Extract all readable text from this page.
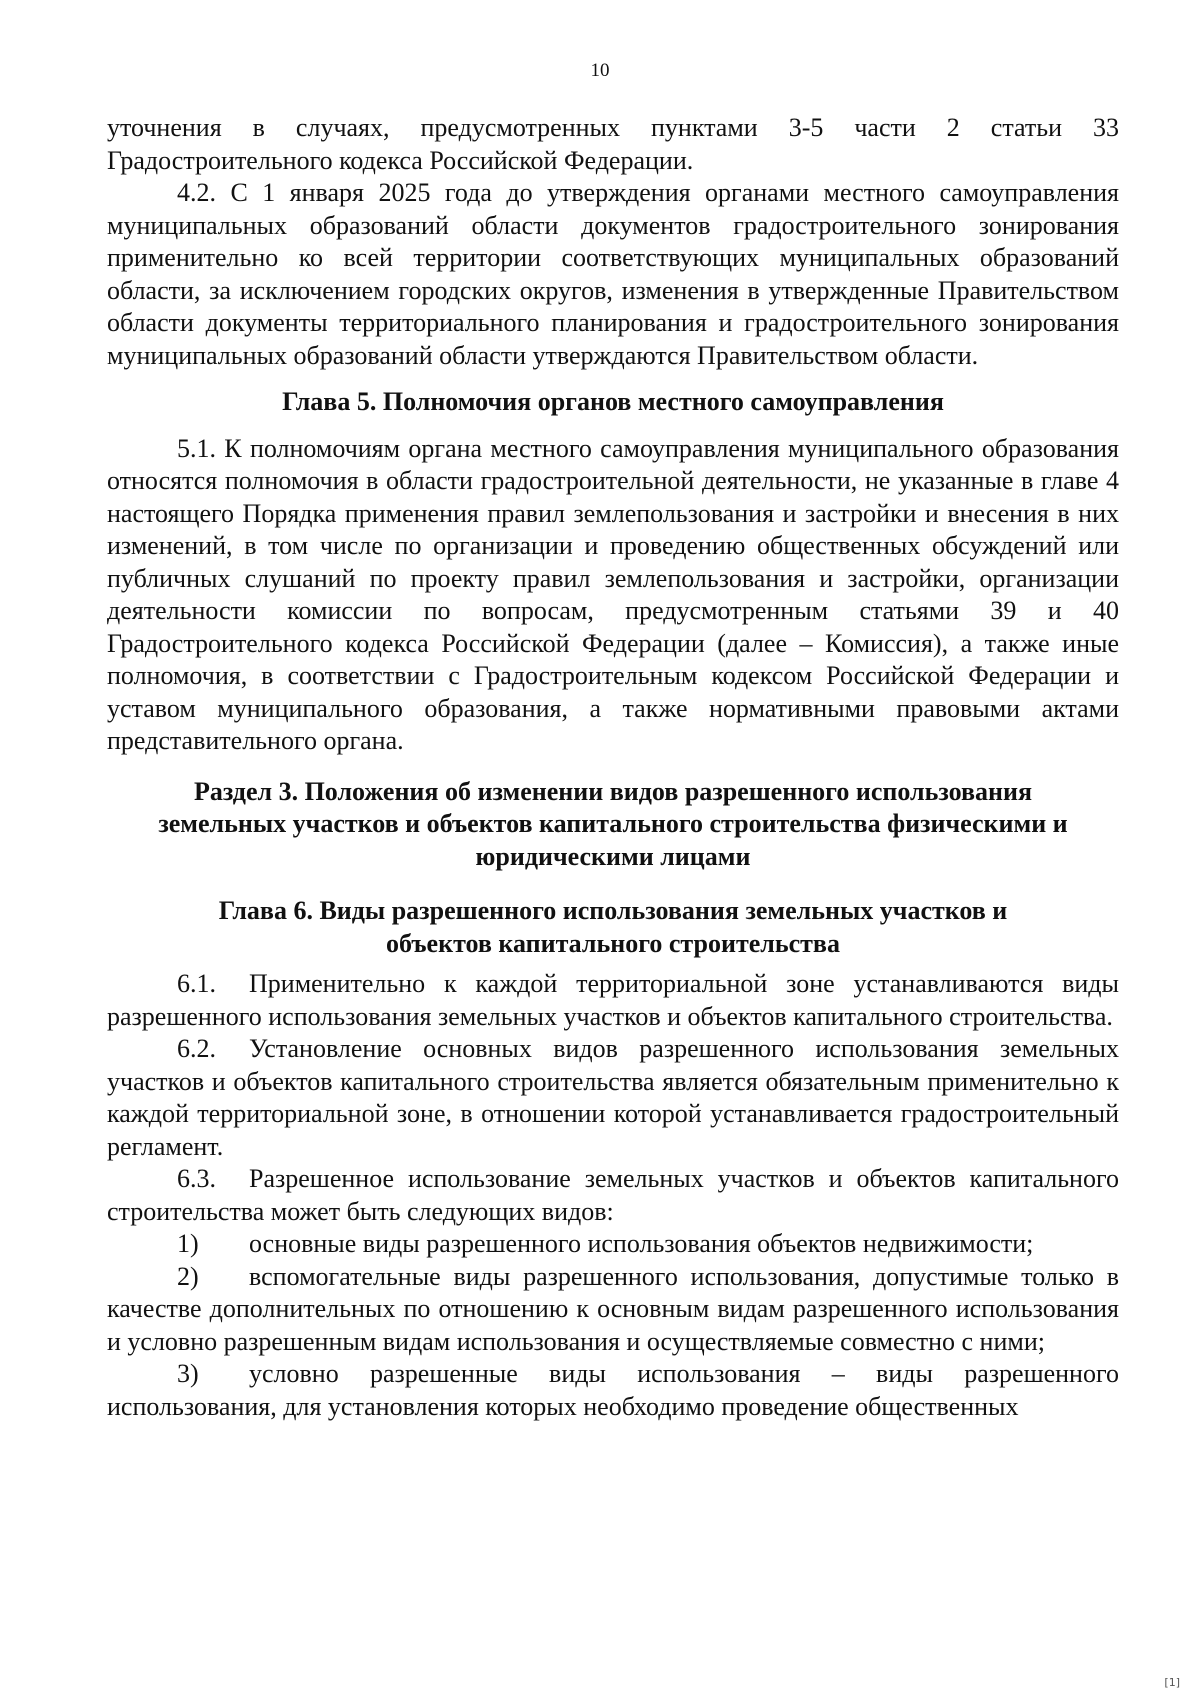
10

уточнения в случаях, предусмотренных пунктами 3-5 части 2 статьи 33 Градостроительного кодекса Российской Федерации.

4.2. С 1 января 2025 года до утверждения органами местного самоуправления муниципальных образований области документов градостроительного зонирования применительно ко всей территории соответствующих муниципальных образований области, за исключением городских округов, изменения в утвержденные Правительством области документы территориального планирования и градостроительного зонирования муниципальных образований области утверждаются Правительством области.

Глава 5. Полномочия органов местного самоуправления

5.1. К полномочиям органа местного самоуправления муниципального образования относятся полномочия в области градостроительной деятельности, не указанные в главе 4 настоящего Порядка применения правил землепользования и застройки и внесения в них изменений, в том числе по организации и проведению общественных обсуждений или публичных слушаний по проекту правил землепользования и застройки, организации деятельности комиссии по вопросам, предусмотренным статьями 39 и 40 Градостроительного кодекса Российской Федерации (далее – Комиссия), а также иные полномочия, в соответствии с Градостроительным кодексом Российской Федерации и уставом муниципального образования, а также нормативными правовыми актами представительного органа.

Раздел 3. Положения об изменении видов разрешенного использования
земельных участков и объектов капитального строительства физическими и
юридическими лицами
Глава 6. Виды разрешенного использования земельных участков и
объектов капитального строительства

6.1. Применительно к каждой территориальной зоне устанавливаются виды разрешенного использования земельных участков и объектов капитального строительства.

6.2. Установление основных видов разрешенного использования земельных участков и объектов капитального строительства является обязательным применительно к каждой территориальной зоне, в отношении которой устанавливается градостроительный регламент.

6.3. Разрешенное использование земельных участков и объектов капитального строительства может быть следующих видов:

1) основные виды разрешенного использования объектов недвижимости;

2) вспомогательные виды разрешенного использования, допустимые только в качестве дополнительных по отношению к основным видам разрешенного использования и условно разрешенным видам использования и осуществляемые совместно с ними;

3) условно разрешенные виды использования – виды разрешенного использования, для установления которых необходимо проведение общественных

[1]
